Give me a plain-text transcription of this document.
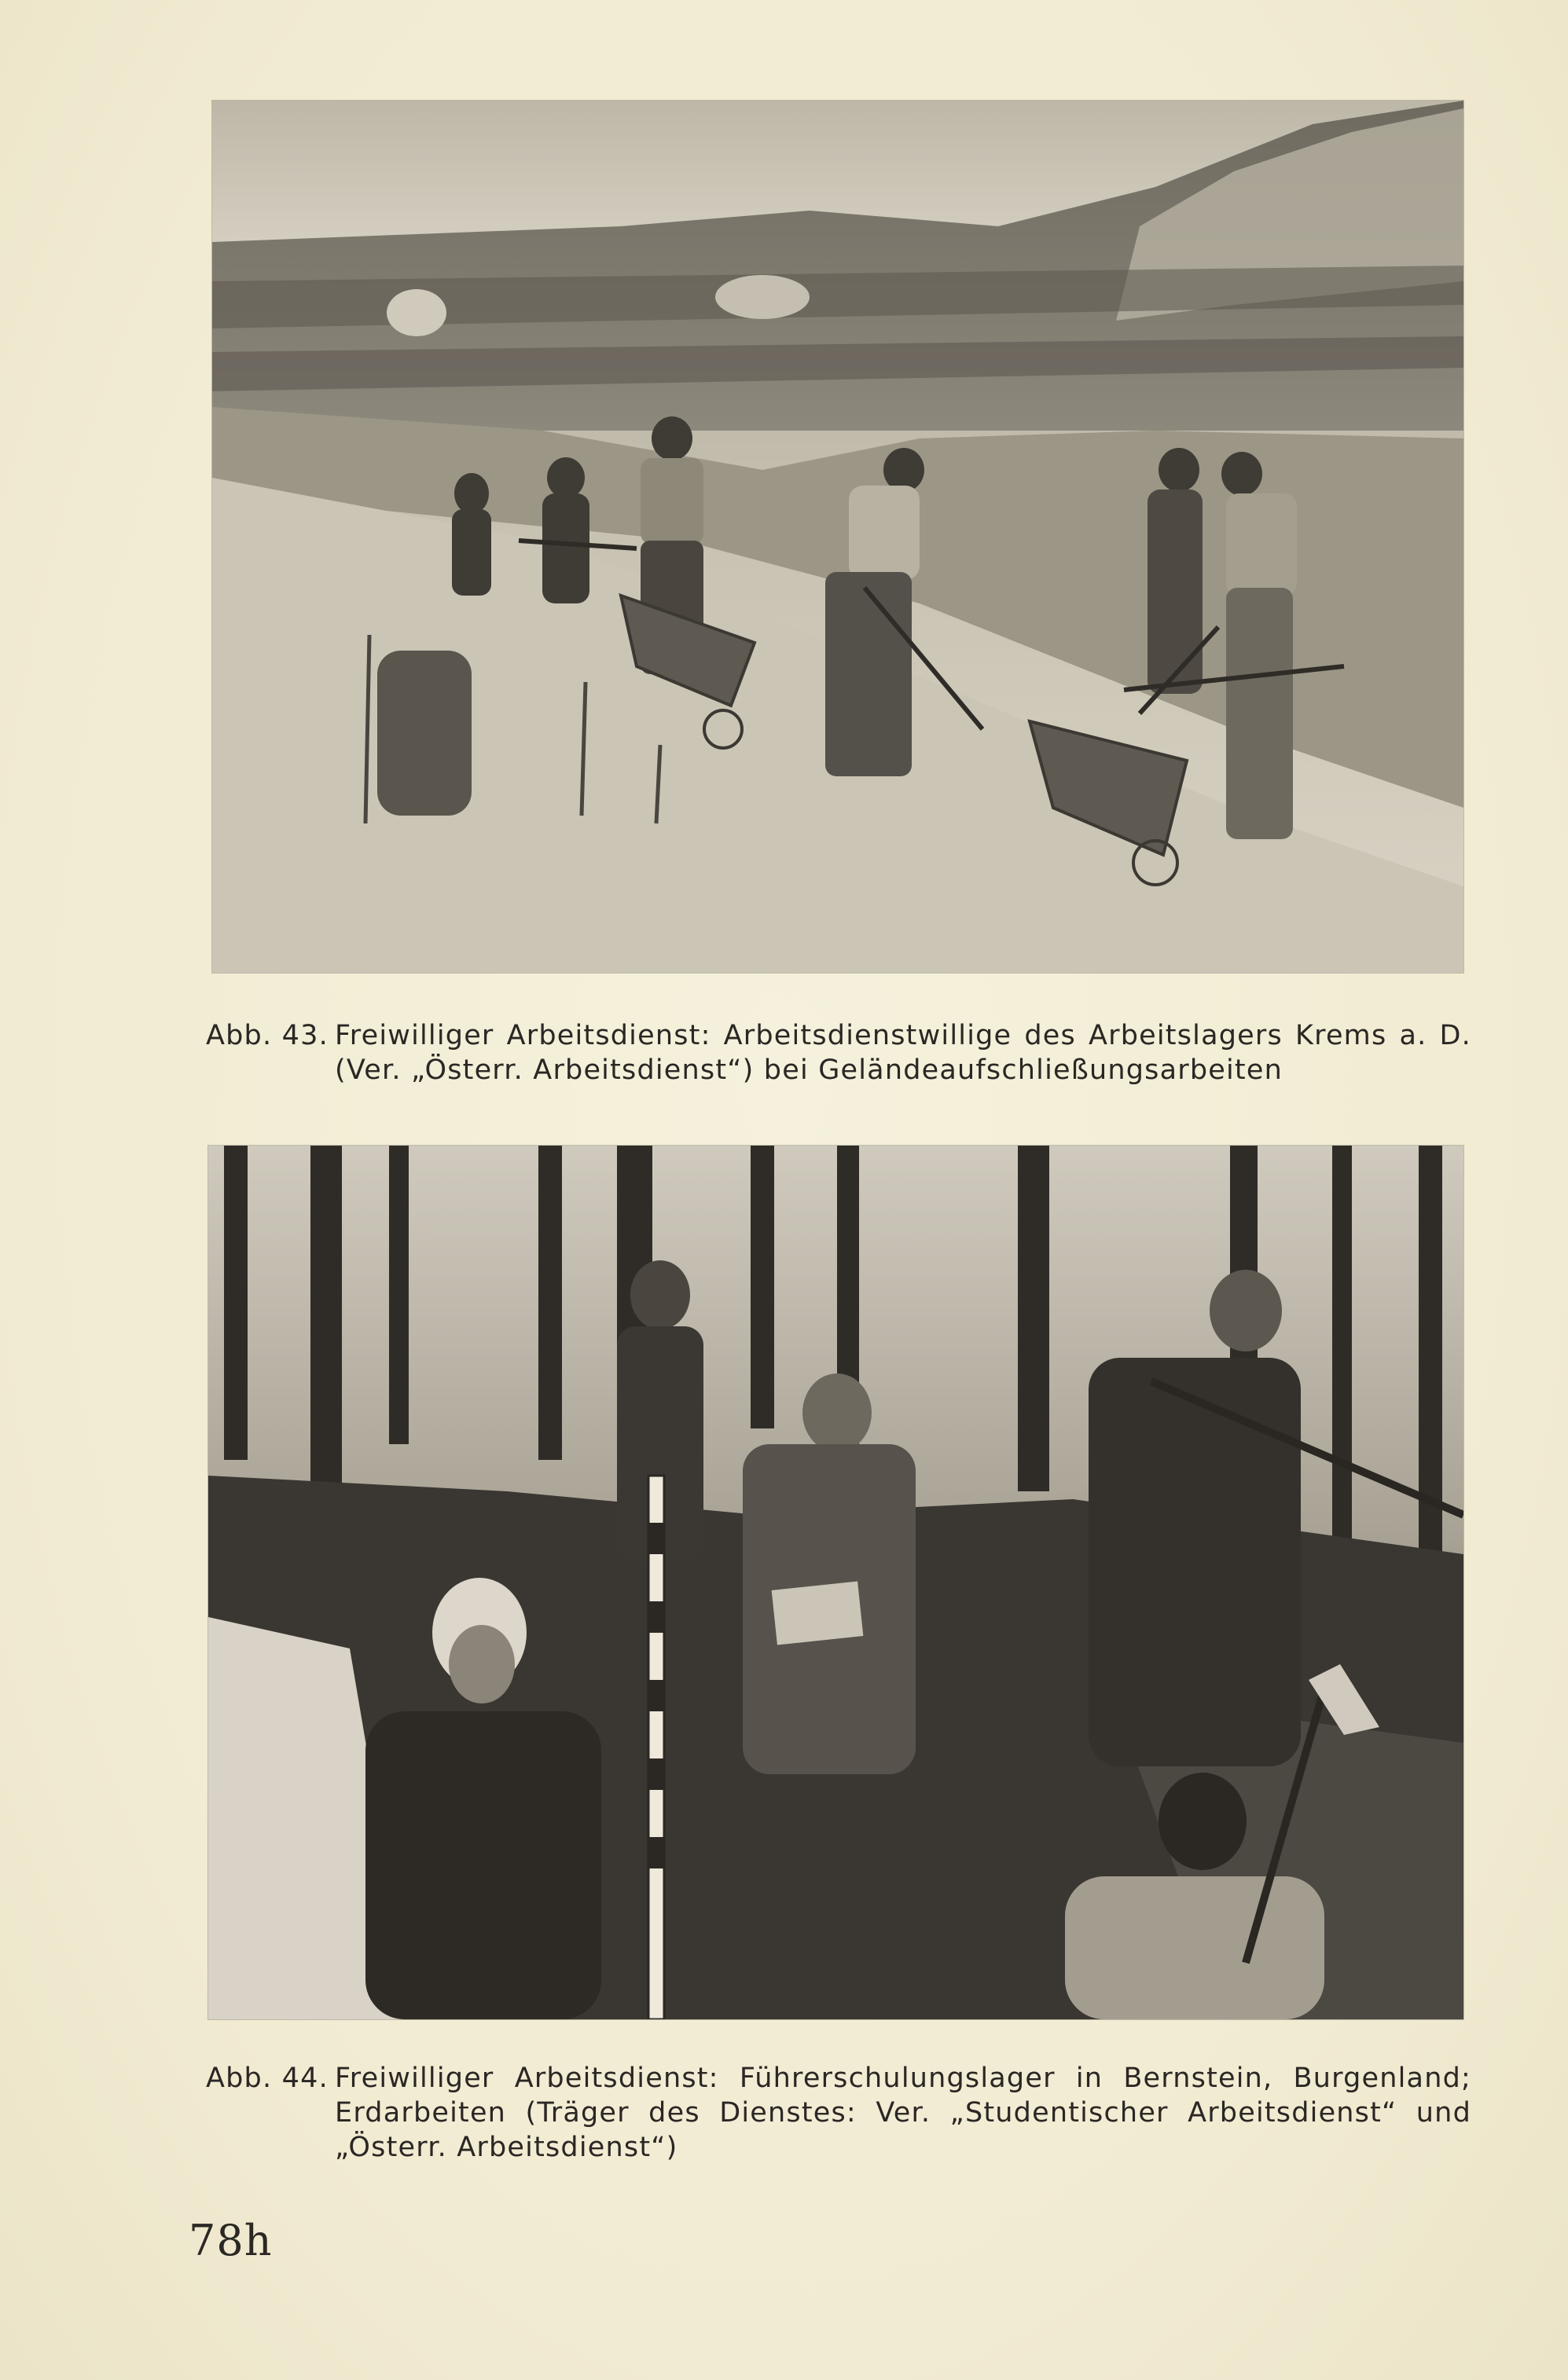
Abb. 43. Freiwilliger Arbeitsdienst: Arbeitsdienstwillige des Arbeitslagers Krems a. D.
(Ver. „Österr. Arbeitsdienst“) bei Geländeaufschließungsarbeiten
Abb. 44. Freiwilliger Arbeitsdienst: Führerschulungslager in Bernstein, Burgenland;
Erdarbeiten (Träger des Dienstes: Ver. „Studentischer Arbeitsdienst“ und
„Österr. Arbeitsdienst“)
78h
